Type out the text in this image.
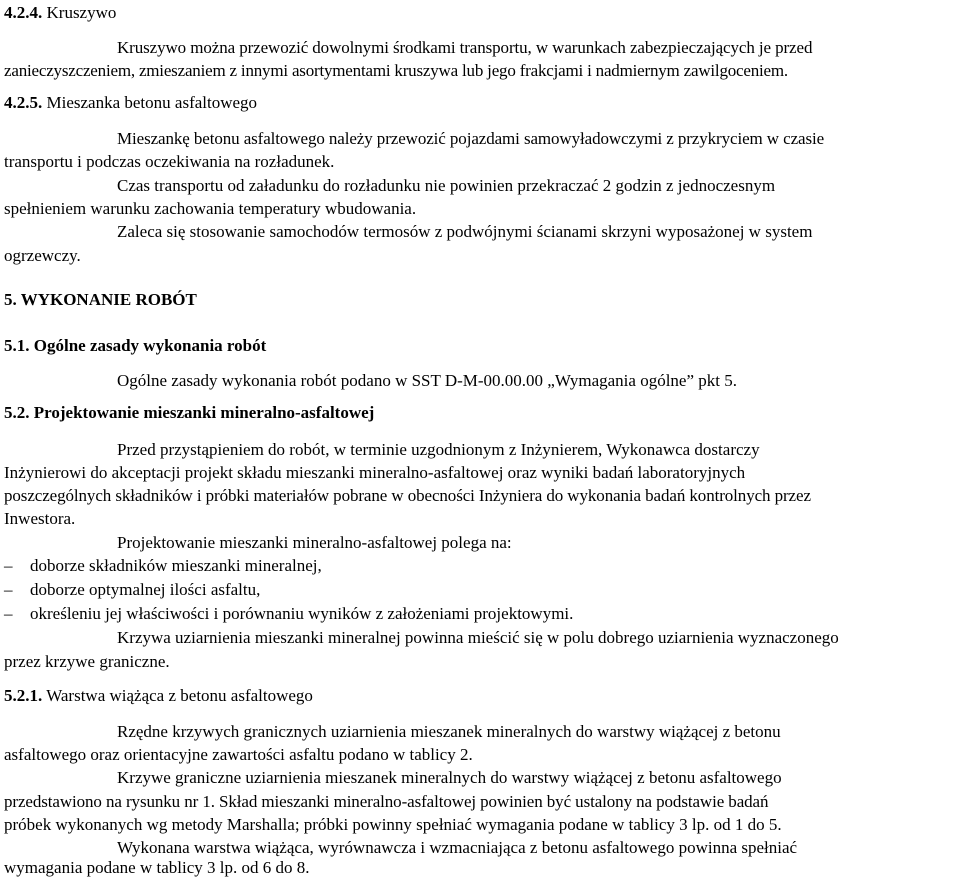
4.2.4. Kruszywo
Kruszywo można przewozić dowolnymi środkami transportu, w warunkach zabezpieczających je przed
zanieczyszczeniem, zmieszaniem z innymi asortymentami kruszywa lub jego frakcjami i nadmiernym zawilgoceniem.
4.2.5. Mieszanka betonu asfaltowego
Mieszankę betonu asfaltowego należy przewozić pojazdami samowyładowczymi z przykryciem w czasie
transportu i podczas oczekiwania na rozładunek.
Czas transportu od załadunku do rozładunku nie powinien przekraczać 2 godzin z jednoczesnym
spełnieniem warunku zachowania temperatury wbudowania.
Zaleca się stosowanie samochodów termosów z podwójnymi ścianami skrzyni wyposażonej w system
ogrzewczy.
5. WYKONANIE ROBÓT
5.1. Ogólne zasady wykonania robót
Ogólne zasady wykonania robót podano w SST D-M-00.00.00 „Wymagania ogólne” pkt 5.
5.2. Projektowanie mieszanki mineralno-asfaltowej
Przed przystąpieniem do robót, w terminie uzgodnionym z Inżynierem, Wykonawca dostarczy
Inżynierowi do akceptacji projekt składu mieszanki mineralno-asfaltowej oraz wyniki badań laboratoryjnych
poszczególnych składników i próbki materiałów pobrane w obecności Inżyniera do wykonania badań kontrolnych przez
Inwestora.
Projektowanie mieszanki mineralno-asfaltowej polega na:
– doborze składników mieszanki mineralnej,
– doborze optymalnej ilości asfaltu,
– określeniu jej właściwości i porównaniu wyników z założeniami projektowymi.
Krzywa uziarnienia mieszanki mineralnej powinna mieścić się w polu dobrego uziarnienia wyznaczonego
przez krzywe graniczne.
5.2.1. Warstwa wiążąca z betonu asfaltowego
Rzędne krzywych granicznych uziarnienia mieszanek mineralnych do warstwy wiążącej z betonu
asfaltowego oraz orientacyjne zawartości asfaltu podano w tablicy 2.
Krzywe graniczne uziarnienia mieszanek mineralnych do warstwy wiążącej z betonu asfaltowego
przedstawiono na rysunku nr 1. Skład mieszanki mineralno-asfaltowej powinien być ustalony na podstawie badań
próbek wykonanych wg metody Marshalla; próbki powinny spełniać wymagania podane w tablicy 3 lp. od 1 do 5.
Wykonana warstwa wiążąca, wyrównawcza i wzmacniająca z betonu asfaltowego powinna spełniać
wymagania podane w tablicy 3 lp. od 6 do 8.
